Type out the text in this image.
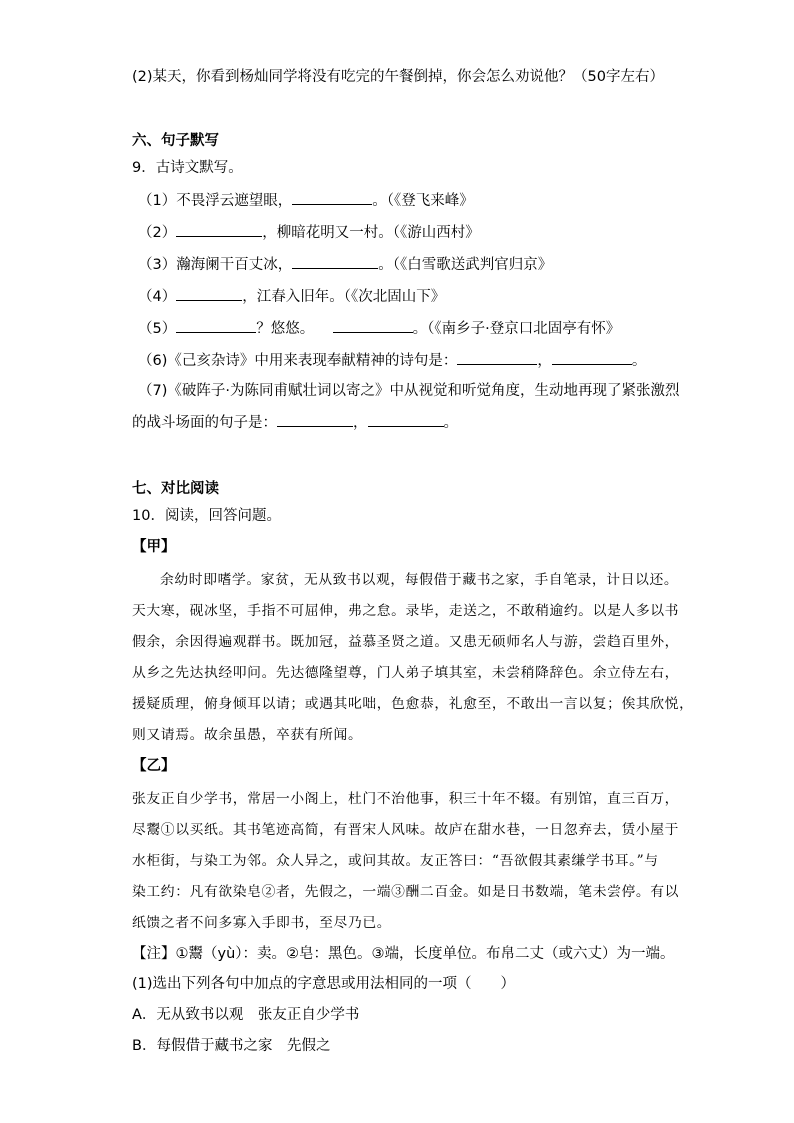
(2)某天，你看到杨灿同学将没有吃完的午餐倒掉，你会怎么劝说他？（50字左右）
六、句子默写
9．古诗文默写。
（1）不畏浮云遮望眼，	。（《登飞来峰》
（2）	，柳暗花明又一村。（《游山西村》
（3）瀚海阑干百丈冰，	。（《白雪歌送武判官归京》
（4）	，江春入旧年。（《次北固山下》
（5）	？悠悠。	。（《南乡子·登京口北固亭有怀》
（6)《己亥杂诗》中用来表现奉献精神的诗句是：	，	。
（7)《破阵子·为陈同甫赋壮词以寄之》中从视觉和听觉角度，生动地再现了紧张激烈
的战斗场面的句子是：	，	。
七、对比阅读
10．阅读，回答问题。
【甲】
余幼时即嗜学。家贫，无从致书以观，每假借于藏书之家，手自笔录，计日以还。
天大寒，砚冰坚，手指不可屈伸，弗之怠。录毕，走送之，不敢稍逾约。以是人多以书
假余，余因得遍观群书。既加冠，益慕圣贤之道。又患无硕师名人与游，尝趋百里外，
从乡之先达执经叩问。先达德隆望尊，门人弟子填其室，未尝稍降辞色。余立侍左右，
援疑质理，俯身倾耳以请；或遇其叱咄，色愈恭，礼愈至，不敢出一言以复；俟其欣悦，
则又请焉。故余虽愚，卒获有所闻。
【乙】
张友正自少学书，常居一小阁上，杜门不治他事，积三十年不辍。有别馆，直三百万，
尽鬻①以买纸。其书笔迹高简，有晋宋人风味。故庐在甜水巷，一日忽弃去，赁小屋于
水柜街，与染工为邻。众人异之，或问其故。友正答曰：“吾欲假其素缣学书耳。”与
染工约：凡有欲染皂②者，先假之，一端③酬二百金。如是日书数端，笔未尝停。有以
纸馈之者不问多寡入手即书，至尽乃已。
【注】①鬻（yù）：卖。②皂：黑色。③端，长度单位。布帛二丈（或六丈）为一端。
(1)选出下列各句中加点的字意思或用法相同的一项（　　）
A．无从致书以观　张友正自少学书
B．每假借于藏书之家　先假之
